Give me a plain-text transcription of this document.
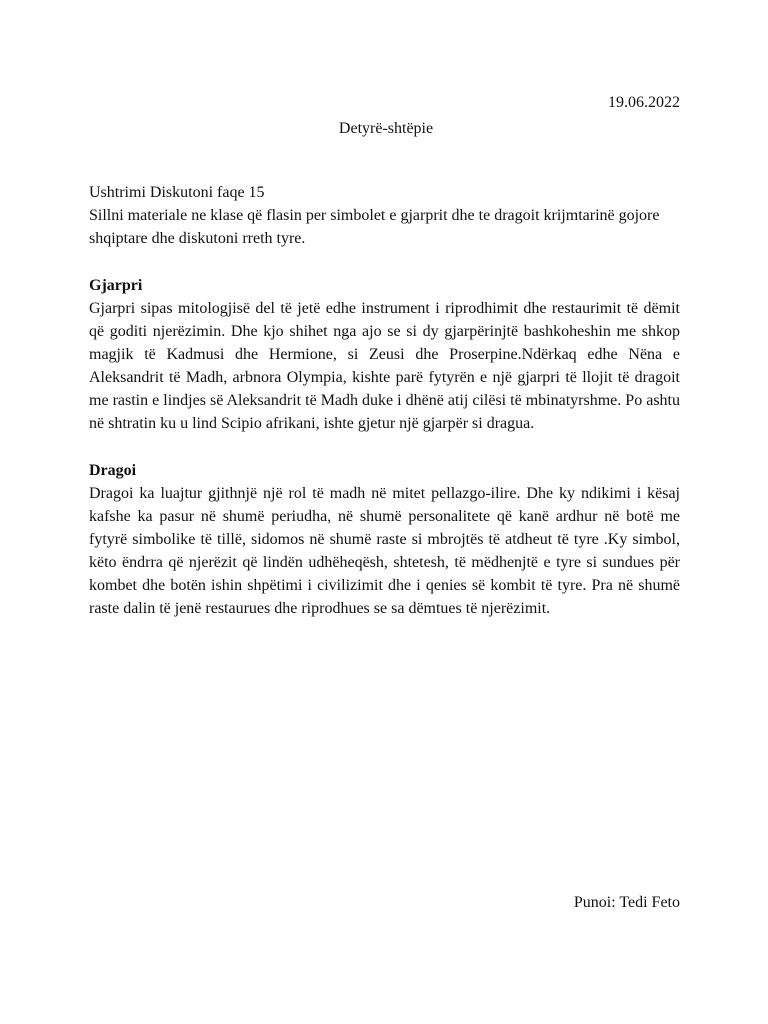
19.06.2022
Detyrë-shtëpie

Ushtrimi Diskutoni faqe 15

Sillni materiale ne klase që flasin per simbolet e gjarprit dhe te dragoit krijmtarinë gojore shqiptare dhe diskutoni rreth tyre.

Gjarpri

Gjarpri sipas mitologjisë del të jetë edhe instrument i riprodhimit dhe restaurimit të dëmit që goditi njerëzimin. Dhe kjo shihet nga ajo se si dy gjarpërinjtë bashkoheshin me shkop magjik të Kadmusi dhe Hermione, si Zeusi dhe Proserpine.Ndërkaq edhe Nëna e Aleksandrit të Madh, arbnora Olympia, kishte parë fytyrën e një gjarpri të llojit të dragoit me rastin e lindjes së Aleksandrit të Madh duke i dhënë atij cilësi të mbinatyrshme. Po ashtu në shtratin ku u lind Scipio afrikani, ishte gjetur një gjarpër si dragua.

Dragoi

Dragoi ka luajtur gjithnjë një rol të madh në mitet pellazgo-ilire. Dhe ky ndikimi i kësaj kafshe ka pasur në shumë periudha, në shumë personalitete që kanë ardhur në botë me fytyrë simbolike të tillë, sidomos në shumë raste si mbrojtës të atdheut të tyre .Ky simbol, këto ëndrra që njerëzit që lindën udhëheqësh, shtetesh, të mëdhenjtë e tyre si sundues për kombet dhe botën ishin shpëtimi i civilizimit dhe i qenies së kombit të tyre. Pra në shumë raste dalin të jenë restaurues dhe riprodhues se sa dëmtues të njerëzimit.

Punoi: Tedi Feto
